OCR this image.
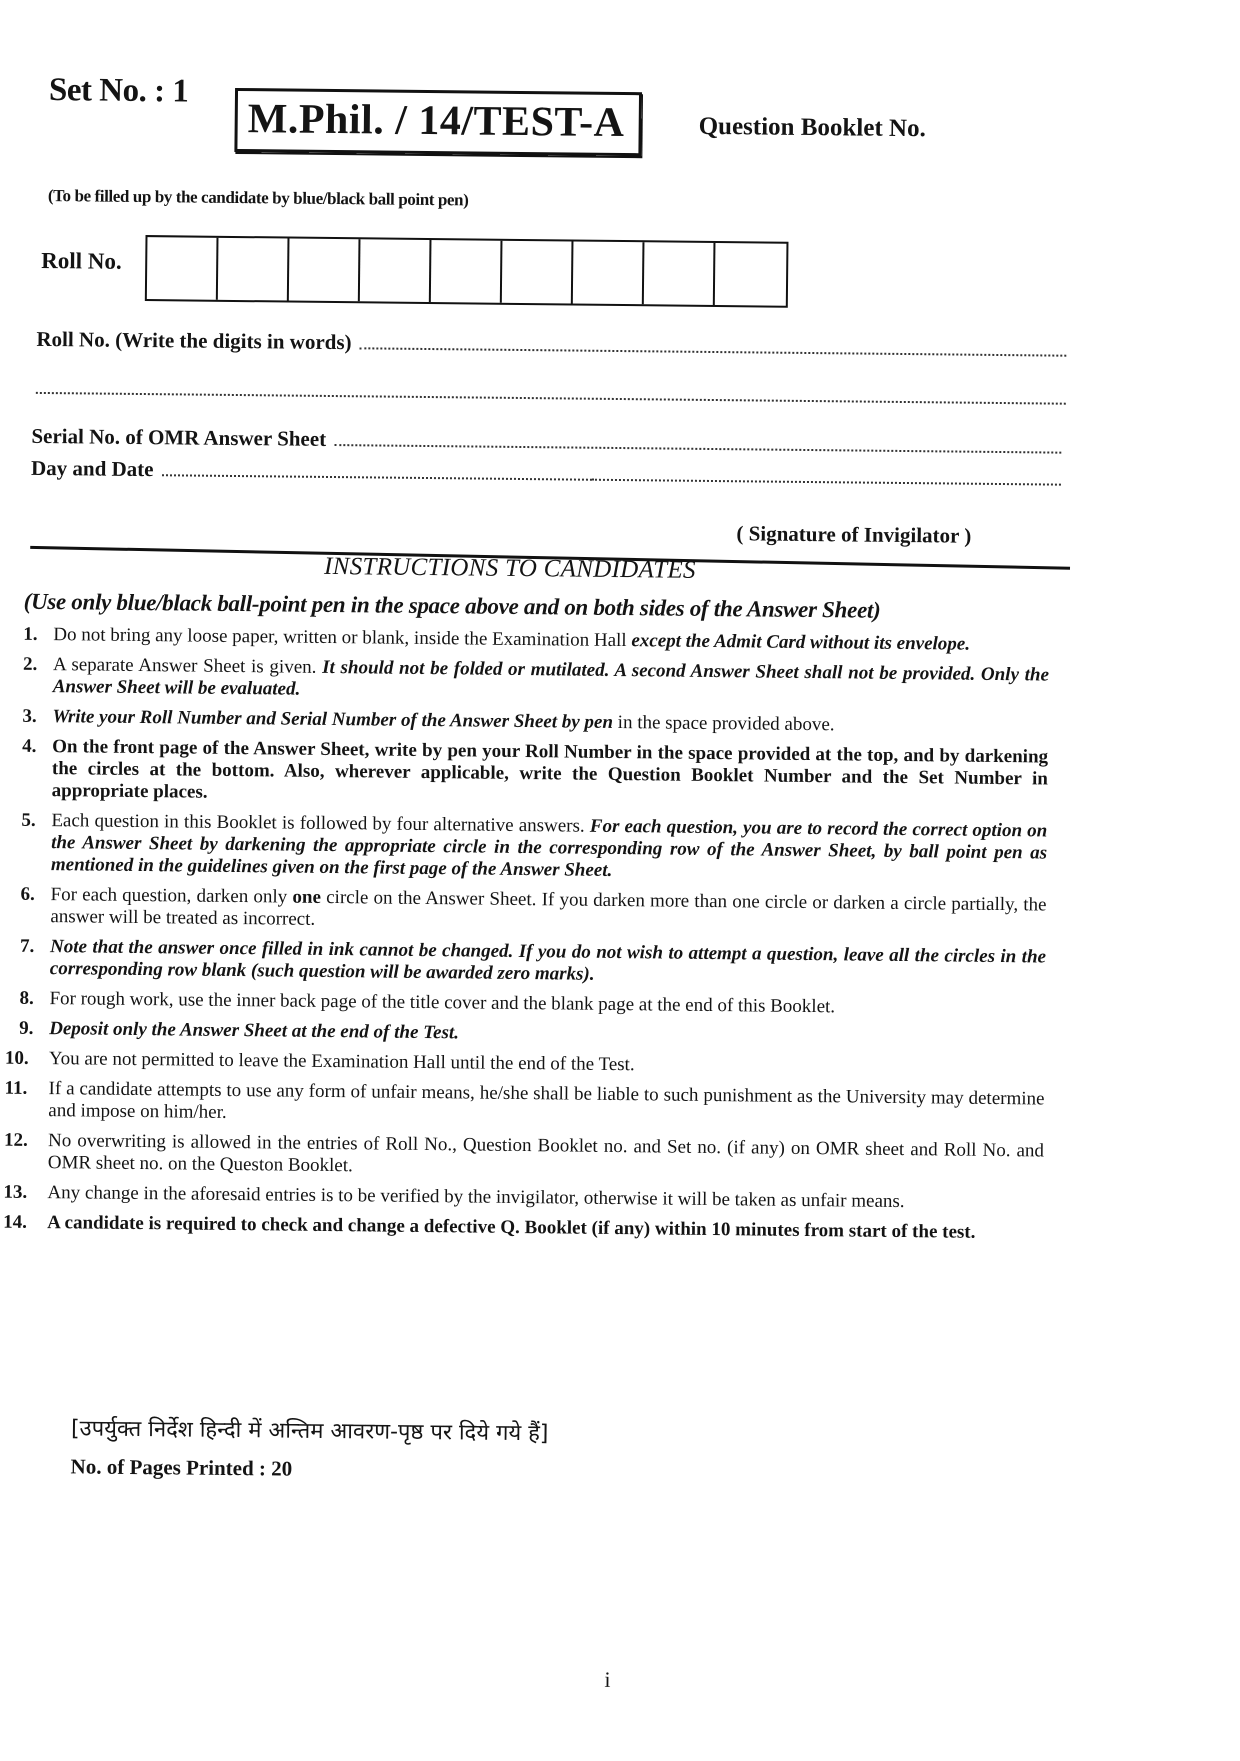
Set No. : 1
M.Phil. / 14/TEST-A	Question Booklet No.
(To be filled up by the candidate by blue/black ball point pen)
Roll No.
Roll No. (Write the digits in words)
Serial No. of OMR Answer Sheet
Day and Date
( Signature of Invigilator )
INSTRUCTIONS TO CANDIDATES
(Use only blue/black ball-point pen in the space above and on both sides of the Answer Sheet)
1. Do not bring any loose paper, written or blank, inside the Examination Hall except the Admit Card without its envelope.
2. A separate Answer Sheet is given. It should not be folded or mutilated. A second Answer Sheet shall not be provided. Only the Answer Sheet will be evaluated.
3. Write your Roll Number and Serial Number of the Answer Sheet by pen in the space provided above.
4. On the front page of the Answer Sheet, write by pen your Roll Number in the space provided at the top, and by darkening the circles at the bottom. Also, wherever applicable, write the Question Booklet Number and the Set Number in appropriate places.
5. Each question in this Booklet is followed by four alternative answers. For each question, you are to record the correct option on the Answer Sheet by darkening the appropriate circle in the corresponding row of the Answer Sheet, by ball point pen as mentioned in the guidelines given on the first page of the Answer Sheet.
6. For each question, darken only one circle on the Answer Sheet. If you darken more than one circle or darken a circle partially, the answer will be treated as incorrect.
7. Note that the answer once filled in ink cannot be changed. If you do not wish to attempt a question, leave all the circles in the corresponding row blank (such question will be awarded zero marks).
8. For rough work, use the inner back page of the title cover and the blank page at the end of this Booklet.
9. Deposit only the Answer Sheet at the end of the Test.
10.	You are not permitted to leave the Examination Hall until the end of the Test.
11.	If a candidate attempts to use any form of unfair means, he/she shall be liable to such punishment as the University may determine and impose on him/her.
12.	No overwriting is allowed in the entries of Roll No., Question Booklet no. and Set no. (if any) on OMR sheet and Roll No. and OMR sheet no. on the Queston Booklet.
13.	Any change in the aforesaid entries is to be verified by the invigilator, otherwise it will be taken as unfair means.
14.	A candidate is required to check and change a defective Q. Booklet (if any) within 10 minutes from start of the test.
[उपर्युक्त निर्देश हिन्दी में अन्तिम आवरण-पृष्ठ पर दिये गये हैं]
No. of Pages Printed : 20
i
